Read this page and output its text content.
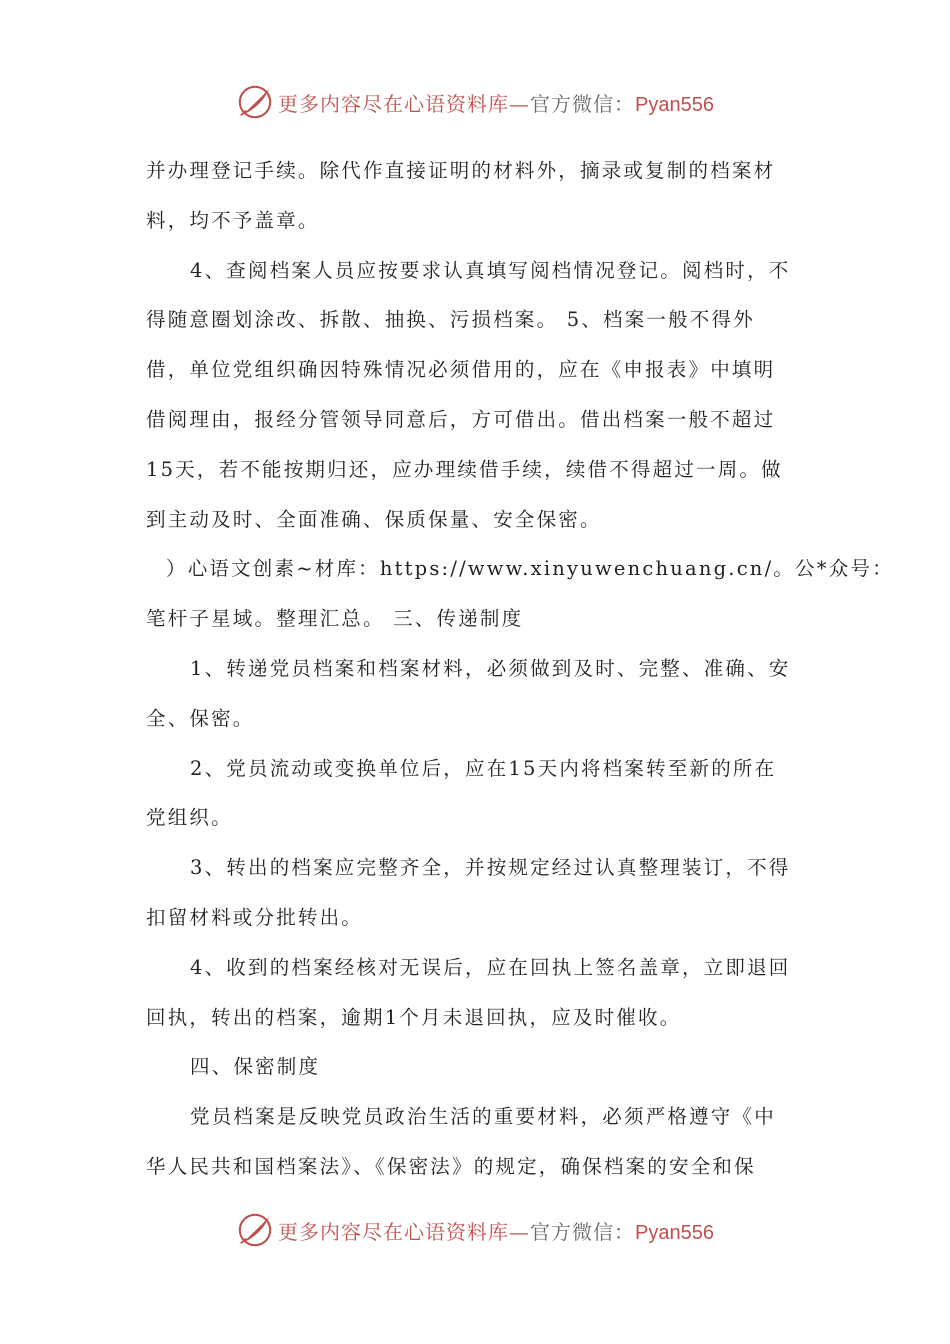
更多内容尽在心语资料库—官方微信：Pyan556
并办理登记手续。除代作直接证明的材料外，摘录或复制的档案材
料，均不予盖章。
4、查阅档案人员应按要求认真填写阅档情况登记。阅档时，不
得随意圈划涂改、拆散、抽换、污损档案。 5、档案一般不得外
借，单位党组织确因特殊情况必须借用的，应在《申报表》中填明
借阅理由，报经分管领导同意后，方可借出。借出档案一般不超过
15天，若不能按期归还，应办理续借手续，续借不得超过一周。做
到主动及时、全面准确、保质保量、安全保密。
）心语文创素~材库：https://www.xinyuwenchuang.cn/。公*众号：
笔杆子星域。整理汇总。 三、传递制度
1、转递党员档案和档案材料，必须做到及时、完整、准确、安
全、保密。
2、党员流动或变换单位后，应在15天内将档案转至新的所在
党组织。
3、转出的档案应完整齐全，并按规定经过认真整理装订，不得
扣留材料或分批转出。
4、收到的档案经核对无误后，应在回执上签名盖章，立即退回
回执，转出的档案，逾期1个月未退回执，应及时催收。
四、保密制度
党员档案是反映党员政治生活的重要材料，必须严格遵守《中
华人民共和国档案法》、《保密法》的规定，确保档案的安全和保
更多内容尽在心语资料库—官方微信：Pyan556
